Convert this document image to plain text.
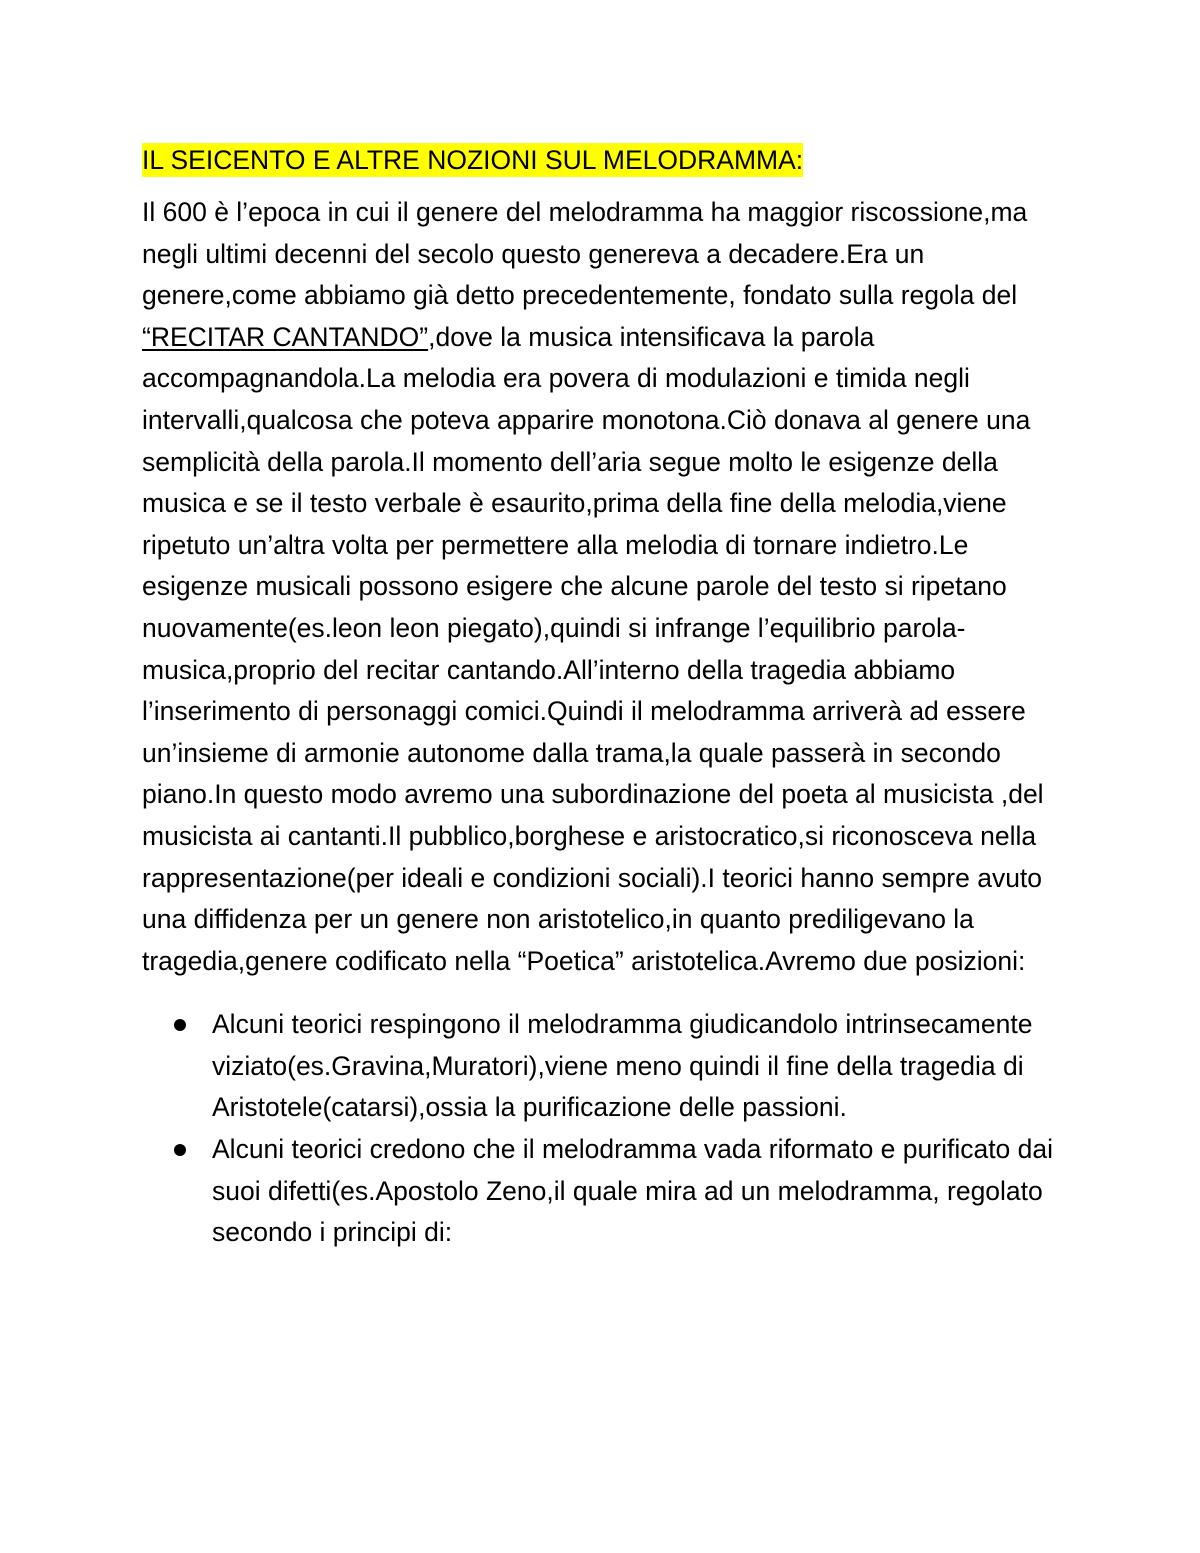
IL SEICENTO E ALTRE NOZIONI SUL MELODRAMMA:

Il 600 è l’epoca in cui il genere del melodramma ha maggior riscossione,ma negli ultimi decenni del secolo questo genereva a decadere.Era un genere,come abbiamo già detto precedentemente, fondato sulla regola del “RECITAR CANTANDO”,dove la musica intensificava la parola accompagnandola.La melodia era povera di modulazioni e timida negli intervalli,qualcosa che poteva apparire monotona.Ciò donava al genere una semplicità della parola.Il momento dell’aria segue molto le esigenze della musica e se il testo verbale è esaurito,prima della fine della melodia,viene ripetuto un’altra volta per permettere alla melodia di tornare indietro.Le esigenze musicali possono esigere che alcune parole del testo si ripetano nuovamente(es.leon leon piegato),quindi si infrange l’equilibrio parola-musica,proprio del recitar cantando.All’interno della tragedia abbiamo l’inserimento di personaggi comici.Quindi il melodramma arriverà ad essere un’insieme di armonie autonome dalla trama,la quale passerà in secondo piano.In questo modo avremo una subordinazione del poeta al musicista ,del musicista ai cantanti.Il pubblico,borghese e aristocratico,si riconosceva nella rappresentazione(per ideali e condizioni sociali).I teorici hanno sempre avuto una diffidenza per un genere non aristotelico,in quanto prediligevano la tragedia,genere codificato nella “Poetica” aristotelica.Avremo due posizioni:

Alcuni teorici respingono il melodramma giudicandolo intrinsecamente viziato(es.Gravina,Muratori),viene meno quindi il fine della tragedia di Aristotele(catarsi),ossia la purificazione delle passioni.
Alcuni teorici credono che il melodramma vada riformato e purificato dai suoi difetti(es.Apostolo Zeno,il quale mira ad un melodramma, regolato secondo i principi di:
